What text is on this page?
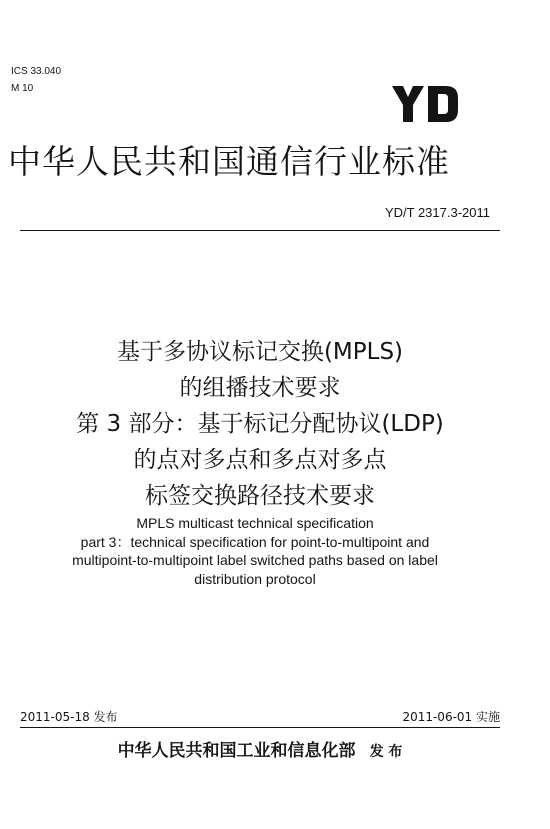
ICS 33.040
M 10
中华人民共和国通信行业标准
YD/T 2317.3-2011
基于多协议标记交换(MPLS)
的组播技术要求
第 3 部分：基于标记分配协议(LDP)
的点对多点和多点对多点
标签交换路径技术要求
MPLS multicast technical specification
part 3：technical specification for point-to-multipoint and
multipoint-to-multipoint label switched paths based on label
distribution protocol
2011-05-18 发布	2011-06-01 实施
中华人民共和国工业和信息化部 发 布
